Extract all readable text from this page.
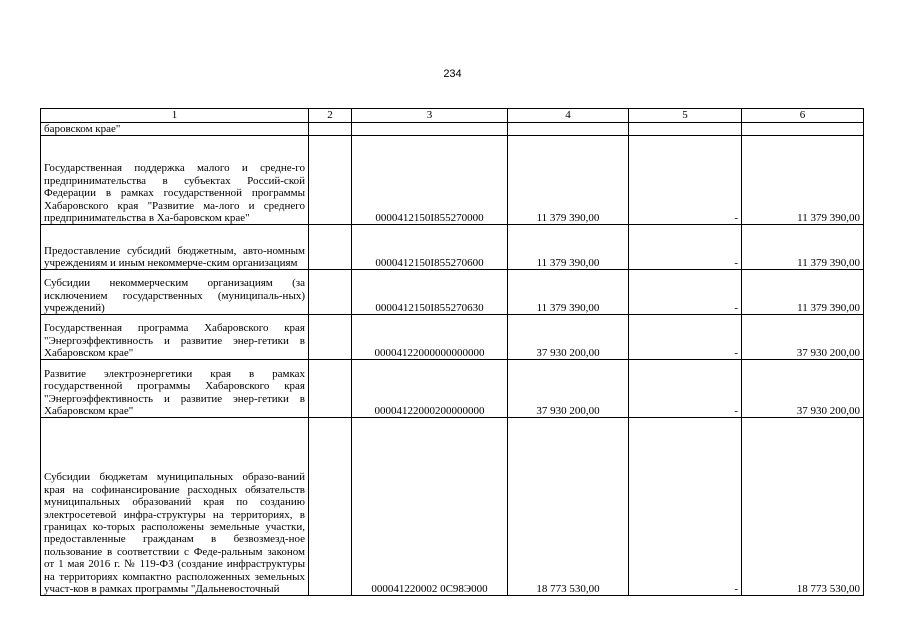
234
1	2	3	4	5	6
баровском крае"					
Государственная поддержка малого и средне-го предпринимательства в субъектах Россий-ской Федерации в рамках государственной программы Хабаровского края "Развитие ма-лого и среднего предпринимательства в Ха-баровском крае"		0000412150I855270000	11 379 390,00	-	11 379 390,00
Предоставление субсидий бюджетным, авто-номным учреждениям и иным некоммерче-ским организациям		0000412150I855270600	11 379 390,00	-	11 379 390,00
Субсидии некоммерческим организациям (за исключением государственных (муниципаль-ных) учреждений)		0000412150I855270630	11 379 390,00	-	11 379 390,00
Государственная программа Хабаровского края "Энергоэффективность и развитие энер-гетики в Хабаровском крае"		00004122000000000000	37 930 200,00	-	37 930 200,00
Развитие электроэнергетики края в рамках государственной программы Хабаровского края "Энергоэффективность и развитие энер-гетики в Хабаровском крае"		00004122000200000000	37 930 200,00	-	37 930 200,00
Субсидии бюджетам муниципальных образо-ваний края на софинансирование расходных обязательств муниципальных образований края по созданию электросетевой инфра-структуры на территориях, в границах ко-торых расположены земельные участки, предоставленные гражданам в безвозмезд-ное пользование в соответствии с Феде-ральным законом от 1 мая 2016 г. № 119-ФЗ (создание инфраструктуры на территориях компактно расположенных земельных участ-ков в рамках программы "Дальневосточный		000041220002 0С98Э000	18 773 530,00	-	18 773 530,00
